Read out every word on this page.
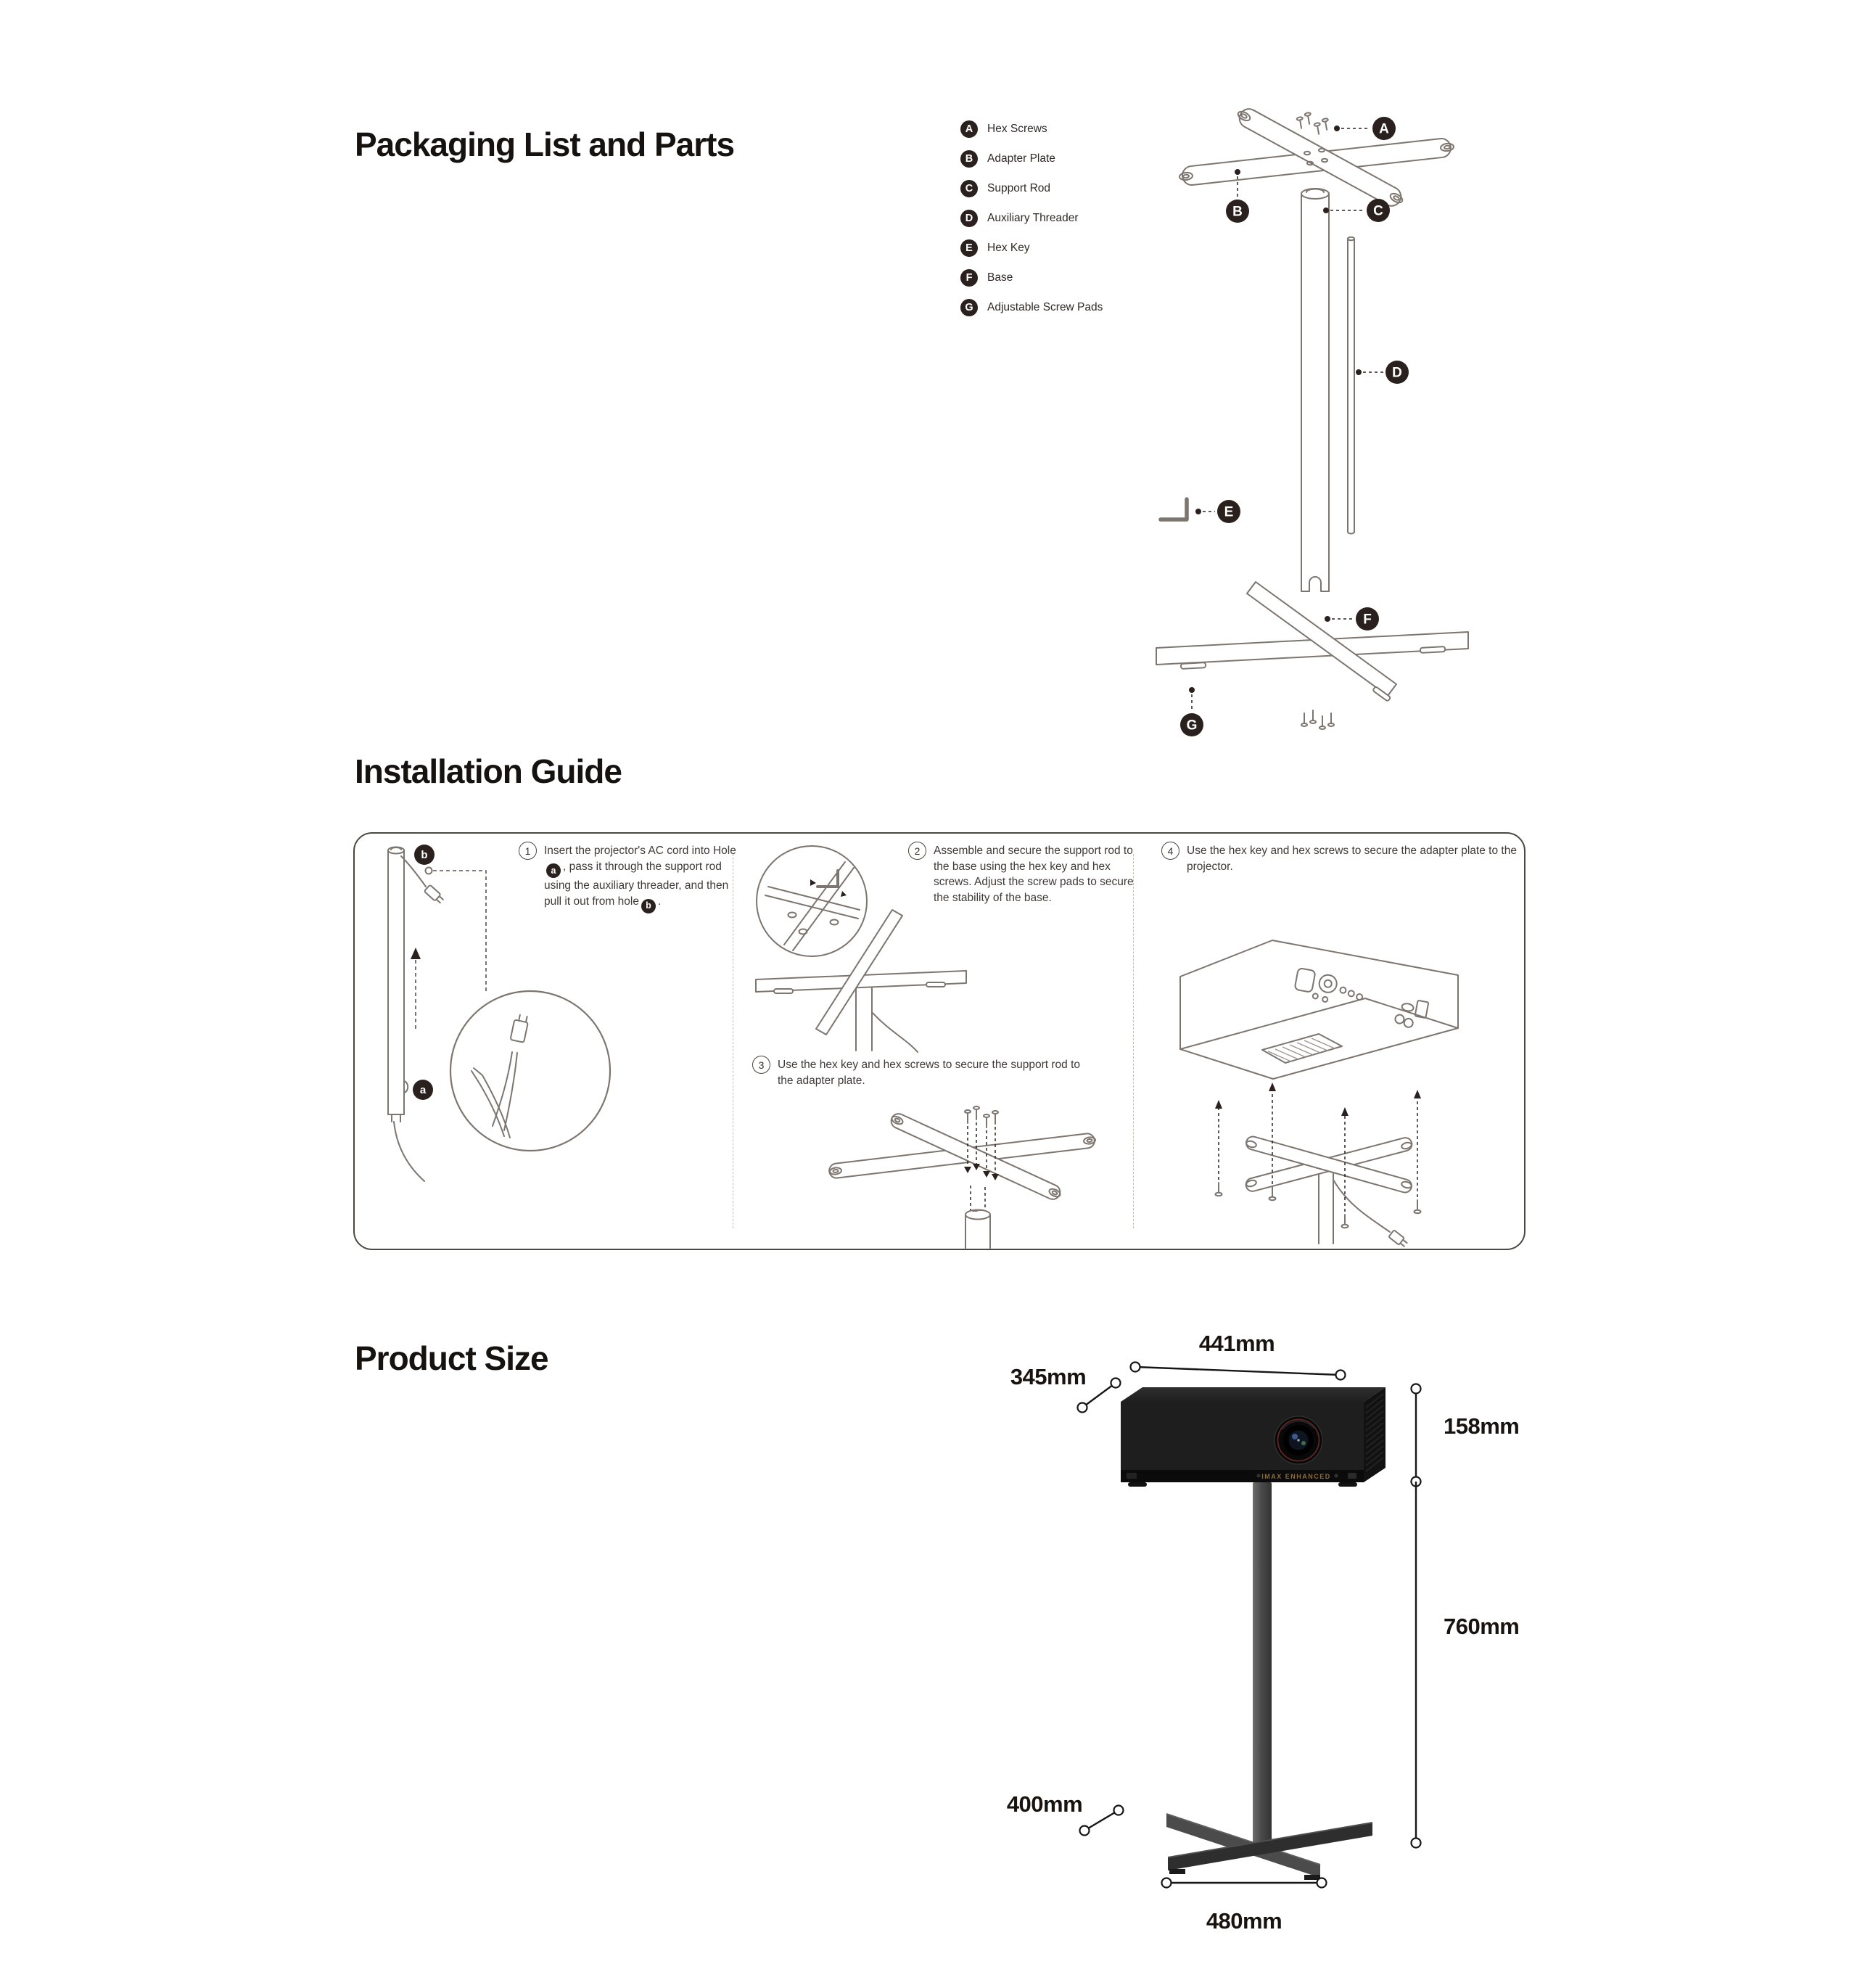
Packaging List and Parts	A	Hex Screws
B	Adapter Plate
C	Support Rod
D	Auxiliary Threader
E	Hex Key
F	Base
G	Adjustable Screw Pads
A
B	C
D
E
F
G
Installation Guide
b
a
1	Insert the projector's AC cord into Holea , pass it through the support rod using the auxiliary threader, and then pull it out from hole b .
2	Assemble and secure the support rod to the base using the hex key and hex screws. Adjust the screw pads to secure the stability of the base.
3	Use the hex key and hex screws to secure the support rod to the adapter plate.
4	Use the hex key and hex screws to secure the adapter plate to the projector.
Product Size
IMAX ENHANCED
441mm
345mm
158mm
760mm
400mm
480mm
